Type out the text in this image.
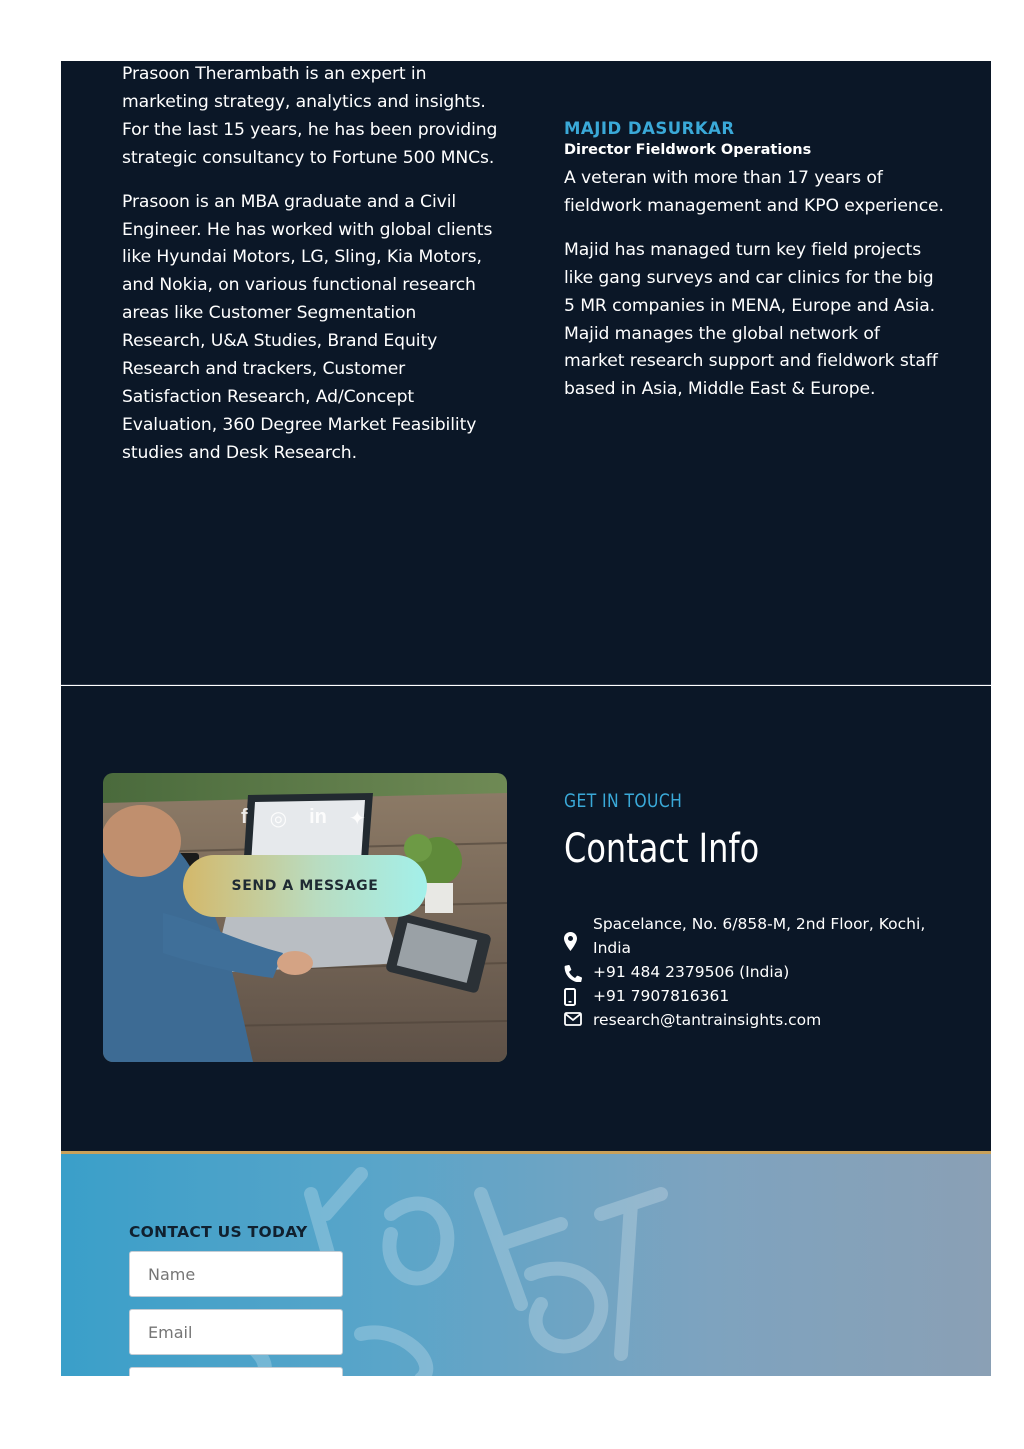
Prasoon Therambath is an expert in marketing strategy, analytics and insights. For the last 15 years, he has been providing strategic consultancy to Fortune 500 MNCs.

Prasoon is an MBA graduate and a Civil Engineer. He has worked with global clients like Hyundai Motors, LG, Sling, Kia Motors, and Nokia, on various functional research areas like Customer Segmentation Research, U&A Studies, Brand Equity Research and trackers, Customer Satisfaction Research, Ad/Concept Evaluation, 360 Degree Market Feasibility studies and Desk Research.

MAJID DASURKAR
Director Fieldwork Operations

A veteran with more than 17 years of fieldwork management and KPO experience.

Majid has managed turn key field projects like gang surveys and car clinics for the big 5 MR companies in MENA, Europe and Asia. Majid manages the global network of market research support and fieldwork staff based in Asia, Middle East & Europe.

f ◎ in ✦
SEND A MESSAGE
GET IN TOUCH
Contact Info
Spacelance, No. 6/858-M, 2nd Floor, Kochi, India
+91 484 2379506 (India)
+91 7907816361
research@tantrainsights.com
CONTACT US TODAY
Name
Email
